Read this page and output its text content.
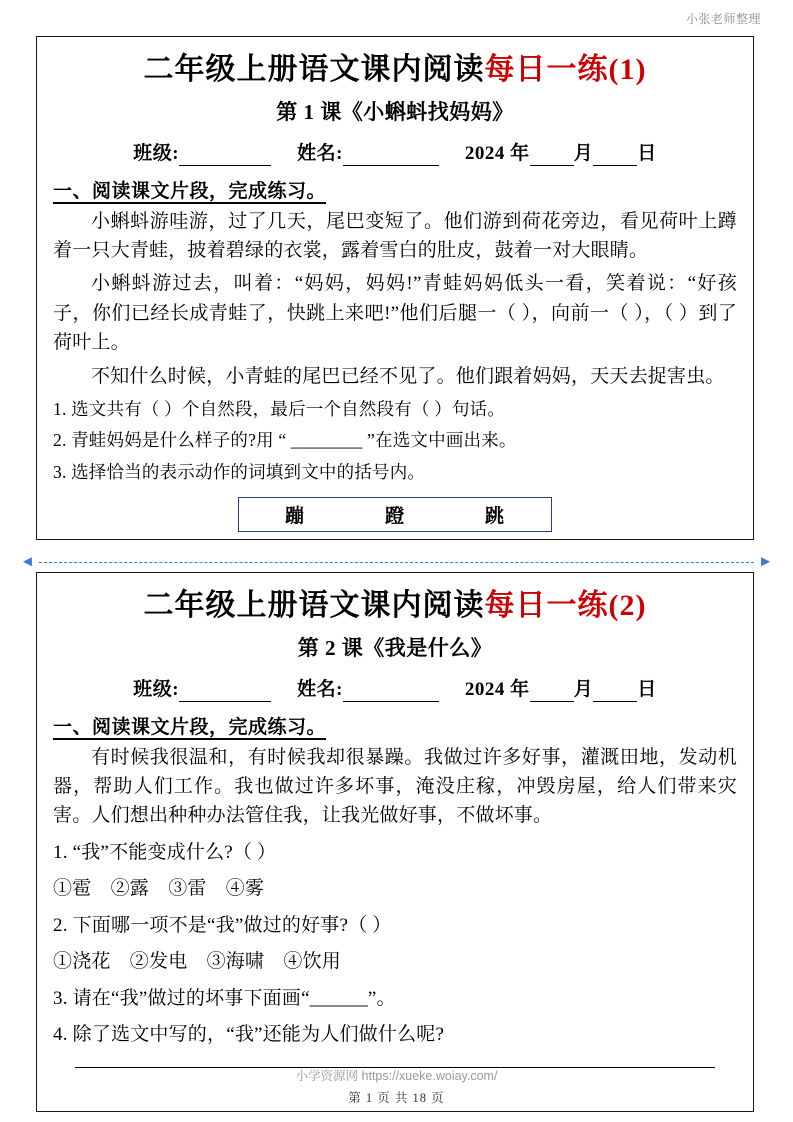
小张老师整理
二年级上册语文课内阅读每日一练(1)
第 1 课《小蝌蚪找妈妈》
班级:	姓名:	2024 年 月 日
一、阅读课文片段，完成练习。
小蝌蚪游哇游，过了几天，尾巴变短了。他们游到荷花旁边，看见荷叶上蹲着一只大青蛙，披着碧绿的衣裳，露着雪白的肚皮，鼓着一对大眼睛。
小蝌蚪游过去，叫着：“妈妈，妈妈!”青蛙妈妈低头一看，笑着说：“好孩子，你们已经长成青蛙了，快跳上来吧!”他们后腿一（ ），向前一（ ），（ ）到了荷叶上。
不知什么时候，小青蛙的尾巴已经不见了。他们跟着妈妈，天天去捉害虫。
1. 选文共有（ ）个自然段，最后一个自然段有（ ）句话。
2. 青蛙妈妈是什么样子的?用 “ ________ ”在选文中画出来。
3. 选择恰当的表示动作的词填到文中的括号内。
蹦	蹬	跳
◄	►
二年级上册语文课内阅读每日一练(2)
第 2 课《我是什么》
班级:	姓名:	2024 年 月 日
一、阅读课文片段，完成练习。
有时候我很温和，有时候我却很暴躁。我做过许多好事，灌溉田地，发动机器，帮助人们工作。我也做过许多坏事，淹没庄稼，冲毁房屋，给人们带来灾害。人们想出种种办法管住我，让我光做好事，不做坏事。
1. “我”不能变成什么?（ ）
①雹　②露　③雷　④雾
2. 下面哪一项不是“我”做过的好事?（ ）
①浇花　②发电　③海啸　④饮用
3. 请在“我”做过的坏事下面画“______”。
4. 除了选文中写的，“我”还能为人们做什么呢?
小学资源网 https://xueke.woiay.com/
第 1 页 共 18 页
